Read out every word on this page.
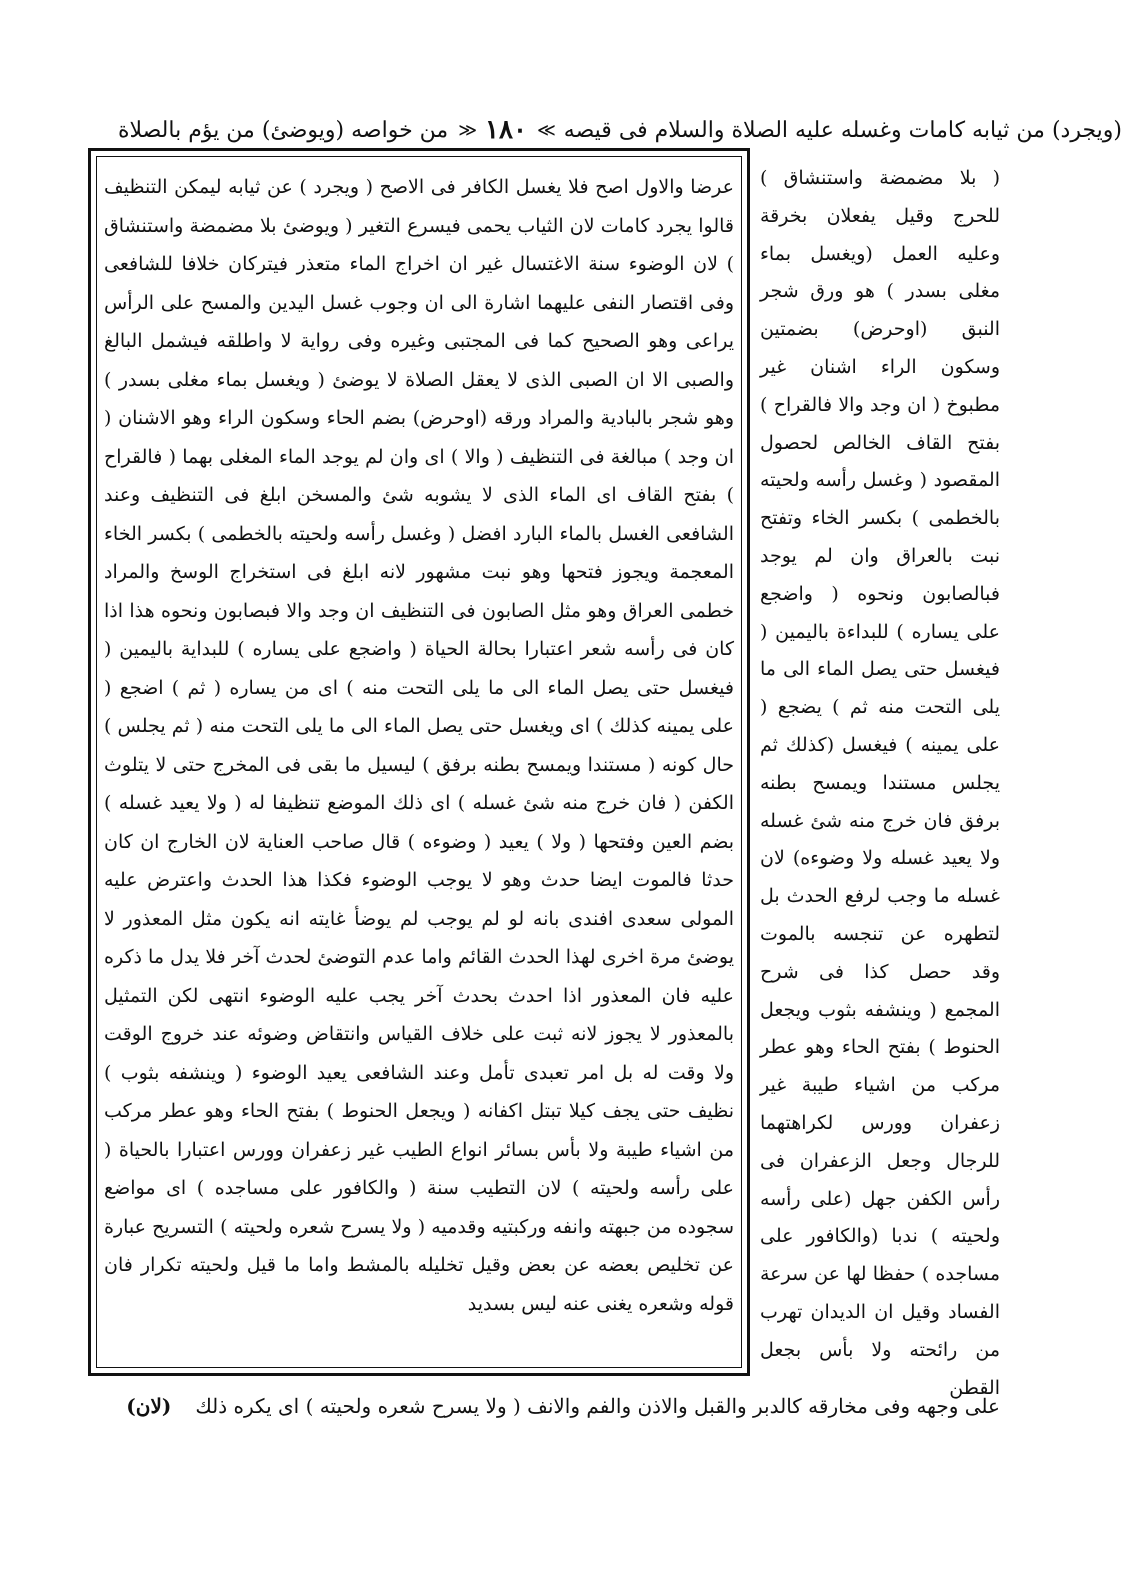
(ويجرد) من ثيابه كامات وغسله عليه الصلاة والسلام فى قيصه
≫
١٨٠
≪
من خواصه (ويوضئ) من يؤم بالصلاة

عرضا والاول اصح فلا يغسل الكافر فى الاصح ( ويجرد ) عن ثيابه ليمكن التنظيف قالوا يجرد كامات لان الثياب يحمى فيسرع التغير ( ويوضئ بلا مضمضة واستنشاق ) لان الوضوء سنة الاغتسال غير ان اخراج الماء متعذر فيتركان خلافا للشافعى وفى اقتصار النفى عليهما اشارة الى ان وجوب غسل اليدين والمسح على الرأس يراعى وهو الصحيح كما فى المجتبى وغيره وفى رواية لا واطلقه فيشمل البالغ والصبى الا ان الصبى الذى لا يعقل الصلاة لا يوضئ ( ويغسل بماء مغلى بسدر ) وهو شجر بالبادية والمراد ورقه (اوحرض) بضم الحاء وسكون الراء وهو الاشنان ( ان وجد ) مبالغة فى التنظيف ( والا ) اى وان لم يوجد الماء المغلى بهما ( فالقراح ) بفتح القاف اى الماء الذى لا يشوبه شئ والمسخن ابلغ فى التنظيف وعند الشافعى الغسل بالماء البارد افضل ( وغسل رأسه ولحيته بالخطمى ) بكسر الخاء المعجمة ويجوز فتحها وهو نبت مشهور لانه ابلغ فى استخراج الوسخ والمراد خطمى العراق وهو مثل الصابون فى التنظيف ان وجد والا فبصابون ونحوه هذا اذا كان فى رأسه شعر اعتبارا بحالة الحياة ( واضجع على يساره ) للبداية باليمين ( فيغسل حتى يصل الماء الى ما يلى التحت منه ) اى من يساره ( ثم ) اضجع ( على يمينه كذلك ) اى ويغسل حتى يصل الماء الى ما يلى التحت منه ( ثم يجلس ) حال كونه ( مستندا ويمسح بطنه برفق ) ليسيل ما بقى فى المخرج حتى لا يتلوث الكفن ( فان خرج منه شئ غسله ) اى ذلك الموضع تنظيفا له ( ولا يعيد غسله ) بضم العين وفتحها ( ولا ) يعيد ( وضوءه ) قال صاحب العناية لان الخارج ان كان حدثا فالموت ايضا حدث وهو لا يوجب الوضوء فكذا هذا الحدث واعترض عليه المولى سعدى افندى بانه لو لم يوجب لم يوضأ غايته انه يكون مثل المعذور لا يوضئ مرة اخرى لهذا الحدث القائم واما عدم التوضئ لحدث آخر فلا يدل ما ذكره عليه فان المعذور اذا احدث بحدث آخر يجب عليه الوضوء انتهى لكن التمثيل بالمعذور لا يجوز لانه ثبت على خلاف القياس وانتقاض وضوئه عند خروج الوقت ولا وقت له بل امر تعبدى تأمل وعند الشافعى يعيد الوضوء ( وينشفه بثوب ) نظيف حتى يجف كيلا تبتل اكفانه ( ويجعل الحنوط ) بفتح الحاء وهو عطر مركب من اشياء طيبة ولا بأس بسائر انواع الطيب غير زعفران وورس اعتبارا بالحياة ( على رأسه ولحيته ) لان التطيب سنة ( والكافور على مساجده ) اى مواضع سجوده من جبهته وانفه وركبتيه وقدميه ( ولا يسرح شعره ولحيته ) التسريح عبارة عن تخليص بعضه عن بعض وقيل تخليله بالمشط واما ما قيل ولحيته تكرار فان قوله وشعره يغنى عنه ليس بسديد

( بلا مضمضة واستنشاق ) للحرج وقيل يفعلان بخرقة وعليه العمل (ويغسل بماء مغلى بسدر ) هو ورق شجر النبق (اوحرض) بضمتين وسكون الراء اشنان غير مطبوخ ( ان وجد والا فالقراح ) بفتح القاف الخالص لحصول المقصود ( وغسل رأسه ولحيته بالخطمى ) بكسر الخاء وتفتح نبت بالعراق وان لم يوجد فبالصابون ونحوه ( واضجع على يساره ) للبداءة باليمين ( فيغسل حتى يصل الماء الى ما يلى التحت منه ثم ) يضجع ( على يمينه ) فيغسل (كذلك ثم يجلس مستندا ويمسح بطنه برفق فان خرج منه شئ غسله ولا يعيد غسله ولا وضوءه) لان غسله ما وجب لرفع الحدث بل لتطهره عن تنجسه بالموت وقد حصل كذا فى شرح المجمع ( وينشفه بثوب ويجعل الحنوط ) بفتح الحاء وهو عطر مركب من اشياء طيبة غير زعفران وورس لكراهتهما للرجال وجعل الزعفران فى رأس الكفن جهل (على رأسه ولحيته ) ندبا (والكافور على مساجده ) حفظا لها عن سرعة الفساد وقيل ان الديدان تهرب من رائحته ولا بأس بجعل القطن

على وجهه وفى مخارقه كالدبر والقبل والاذن والفم والانف ( ولا يسرح شعره ولحيته ) اى يكره ذلك
(لان)
